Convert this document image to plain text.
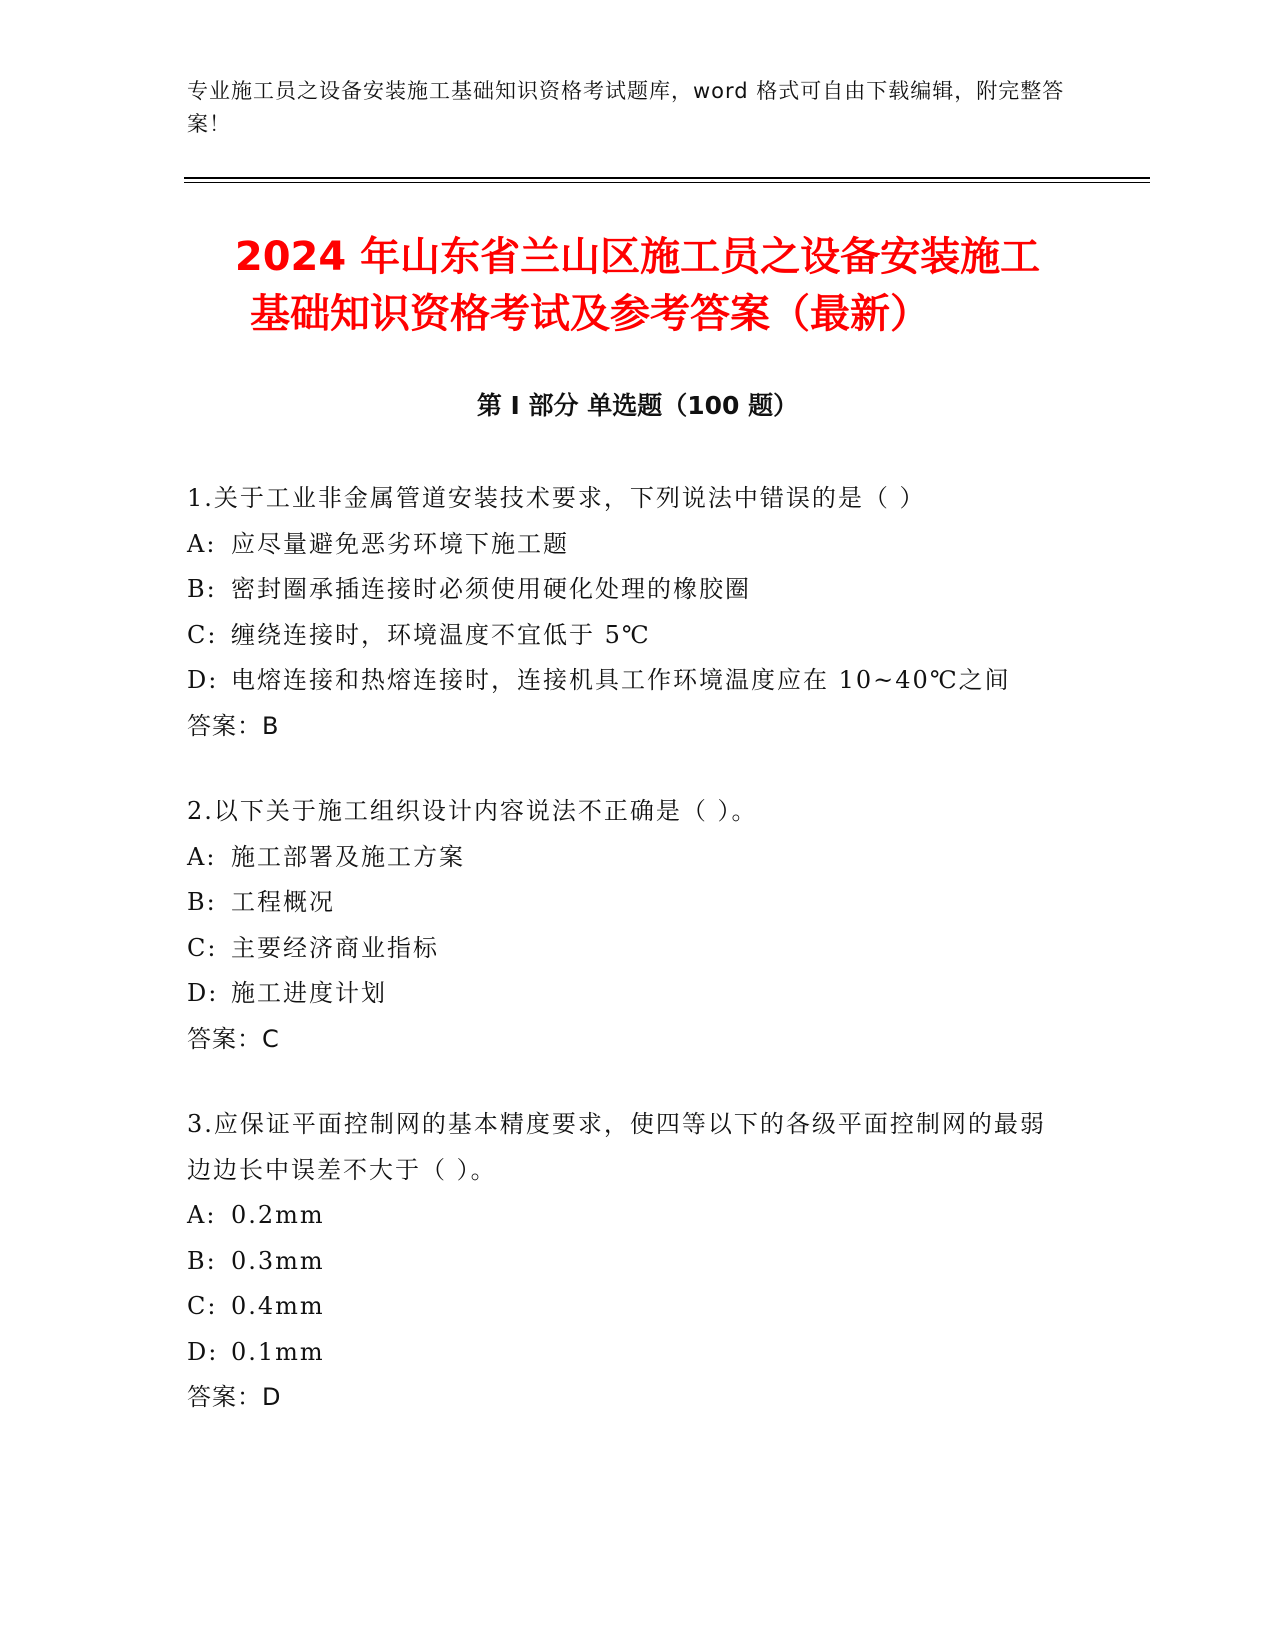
专业施工员之设备安装施工基础知识资格考试题库，word 格式可自由下载编辑，附完整答案！
2024 年山东省兰山区施工员之设备安装施工
基础知识资格考试及参考答案（最新）
第 I 部分 单选题（100 题）
1.关于工业非金属管道安装技术要求，下列说法中错误的是（ ）
A: 应尽量避免恶劣环境下施工题
B: 密封圈承插连接时必须使用硬化处理的橡胶圈
C: 缠绕连接时，环境温度不宜低于 5℃
D: 电熔连接和热熔连接时，连接机具工作环境温度应在 10~40℃之间
答案：B
2.以下关于施工组织设计内容说法不正确是（ ）。
A: 施工部署及施工方案
B: 工程概况
C: 主要经济商业指标
D: 施工进度计划
答案：C
3.应保证平面控制网的基本精度要求，使四等以下的各级平面控制网的最弱边边长中误差不大于（ ）。
A: 0.2mm
B: 0.3mm
C: 0.4mm
D: 0.1mm
答案：D
